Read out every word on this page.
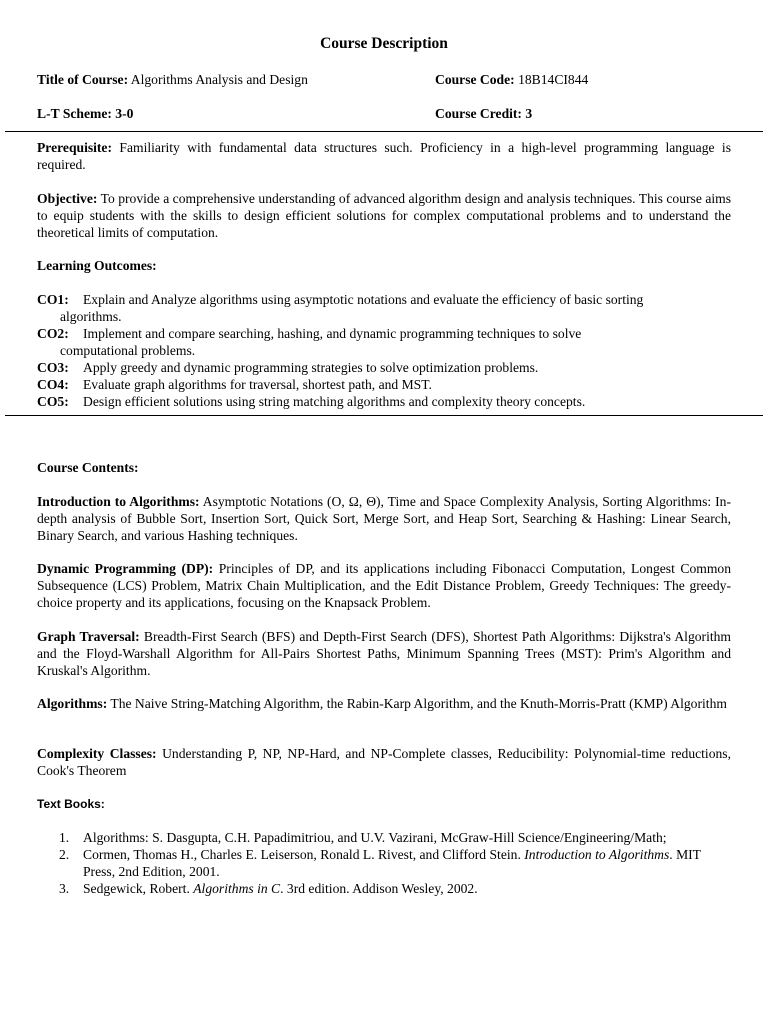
Course Description
Title of Course: Algorithms Analysis and Design	Course Code: 18B14CI844
L-T Scheme: 3-0	Course Credit: 3
Prerequisite: Familiarity with fundamental data structures such. Proficiency in a high-level programming language is required.
Objective: To provide a comprehensive understanding of advanced algorithm design and analysis techniques. This course aims to equip students with the skills to design efficient solutions for complex computational problems and to understand the theoretical limits of computation.
Learning Outcomes:
CO1: Explain and Analyze algorithms using asymptotic notations and evaluate the efficiency of basic sorting
algorithms.
CO2: Implement and compare searching, hashing, and dynamic programming techniques to solve
computational problems.
CO3: Apply greedy and dynamic programming strategies to solve optimization problems.
CO4: Evaluate graph algorithms for traversal, shortest path, and MST.
CO5: Design efficient solutions using string matching algorithms and complexity theory concepts.
Course Contents:
Introduction to Algorithms: Asymptotic Notations (O, Ω, Θ), Time and Space Complexity Analysis, Sorting Algorithms: In-depth analysis of Bubble Sort, Insertion Sort, Quick Sort, Merge Sort, and Heap Sort, Searching & Hashing: Linear Search, Binary Search, and various Hashing techniques.
Dynamic Programming (DP): Principles of DP, and its applications including Fibonacci Computation, Longest Common Subsequence (LCS) Problem, Matrix Chain Multiplication, and the Edit Distance Problem, Greedy Techniques: The greedy-choice property and its applications, focusing on the Knapsack Problem.
Graph Traversal: Breadth-First Search (BFS) and Depth-First Search (DFS), Shortest Path Algorithms: Dijkstra's Algorithm and the Floyd-Warshall Algorithm for All-Pairs Shortest Paths, Minimum Spanning Trees (MST): Prim's Algorithm and Kruskal's Algorithm.
Algorithms: The Naive String-Matching Algorithm, the Rabin-Karp Algorithm, and the Knuth-Morris-Pratt (KMP) Algorithm
Complexity Classes: Understanding P, NP, NP-Hard, and NP-Complete classes, Reducibility: Polynomial-time reductions, Cook's Theorem
Text Books:
1. Algorithms: S. Dasgupta, C.H. Papadimitriou, and U.V. Vazirani, McGraw-Hill Science/Engineering/Math;
2. Cormen, Thomas H., Charles E. Leiserson, Ronald L. Rivest, and Clifford Stein. Introduction to Algorithms. MIT Press, 2nd Edition, 2001.
3. Sedgewick, Robert. Algorithms in C. 3rd edition. Addison Wesley, 2002.
